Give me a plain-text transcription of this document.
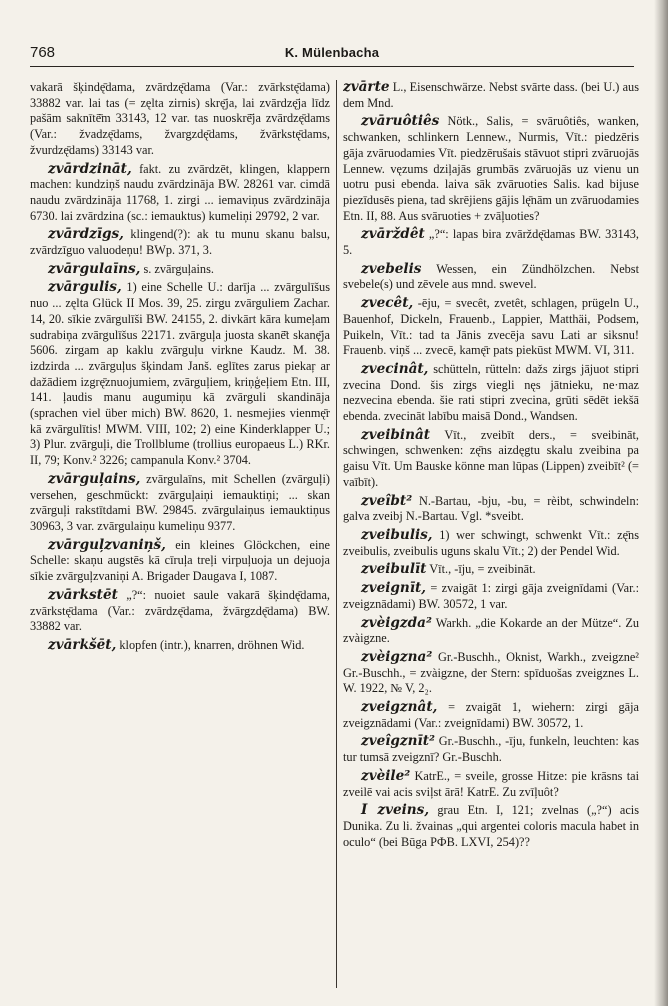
768	K. Mülenbacha

vakarā šķindę̄dama, zvārdzę̄dama (Var.: zvārkstę̄dama) 33882 var. lai tas (= zęlta zirnis) skrę̄ja, lai zvārdzę̄ja līdz pašām saknītē̄m 33143, 12 var. tas nuoskrē̄ja zvārdzę̄dams (Var.: žvadzę̄dams, žvargzdę̄dams, žvārkstę̄dams, žvurdzę̄dams) 33143 var.

zvārdzināt, fakt. zu zvārdzēt, klingen, klappern machen: kundziņš naudu zvārdzināja BW. 28261 var. cimdā naudu zvārdzināja 11768, 1. zirgi ... iemaviņus zvārdzināja 6730. lai zvārdzina (sc.: iemauktus) kumeliņi 29792, 2 var.

zvārdzīgs, klingend(?): ak tu munu skanu balsu, zvārdzīguo valuodeņu! BWp. 371, 3.

zvārgulaīns, s. zvārguļains.

zvārgulis, 1) eine Schelle U.: darīja ... zvārgulīšus nuo ... zęlta Glück II Mos. 39, 25. zirgu zvārguliem Zachar. 14, 20. sīkie zvārgulīši BW. 24155, 2. divkārt kāra kumeļam sudrabiņa zvārgulīšus 22171. zvārguļa juosta skanē̄t skanę̄ja 5606. zirgam ap kaklu zvārguļu virkne Kaudz. M. 38. izdzirda ... zvārguļus šķindam Janš. eglītes zarus piekaŗ ar dažādiem izgrę̄znuojumiem, zvārguļiem, kriņģeļiem Etn. III, 141. ļaudis manu augumiņu kā zvārguli skandināja (sprachen viel über mich) BW. 8620, 1. nesmejies vienmę̄r kā zvārgulītis! MWM. VIII, 102; 2) eine Kinderklapper U.; 3) Plur. zvārguļi, die Trollblume (trollius europaeus L.) RKr. II, 79; Konv.² 3226; campanula Konv.² 3704.

zvārguļains, zvārgulaīns, mit Schellen (zvārguļi) versehen, geschmückt: zvārguļaiņi iemauktiņi; ... skan zvārguļi rakstītdami BW. 29845. zvārgulaiņus iemauktiņus 30963, 3 var. zvārgulaiņu kumeliņu 9377.

zvārguļzvaniņš, ein kleines Glöckchen, eine Schelle: skaņu augstēs kā cīruļa treļi virpuļuoja un dejuoja sīkie zvārguļzvaniņi A. Brigader Daugava I, 1087.

zvārkstēt „?“: nuoiet saule vakarā šķindę̄dama, zvārkstę̄dama (Var.: zvārdzę̄dama, žvārgzdę̄dama) BW. 33882 var.

zvārkšēt, klopfen (intr.), knarren, dröhnen Wid.

zvārte L., Eisenschwärze. Nebst svārte dass. (bei U.) aus dem Mnd.

zvāruôtiês Nötk., Salis, = svāruôtiês, wanken, schwanken, schlinkern Lennew., Nurmis, Vīt.: piedzēris gāja zvāruodamies Vīt. piedzērušais stāvuot stipri zvāruojās Lennew. vęzums dziļajās grumbās zvāruojās uz vienu un uotru pusi ebenda. laiva sāk zvāruoties Salis. kad bijuse piezīdusēs piena, tad skrējiens gājis lę̄nām un zvāruodamies Etn. II, 88. Aus svāruoties + zvāļuoties?

zvārždêt „?“: lapas bira zvārždę̄damas BW. 33143, 5.

zvebelis Wessen, ein Zündhölzchen. Nebst svebele(s) und zēvele aus mnd. swevel.

zvecêt, -ēju, = svecêt, zvetêt, schlagen, prügeln U., Bauenhof, Dickeln, Frauenb., Lappier, Matthäi, Podsem, Puikeln, Vīt.: tad ta Jānis zvecēja savu Lati ar siksnu! Frauenb. viņš ... zvecē, kamę̄r pats piekūst MWM. VI, 311.

zvecinât, schütteln, rütteln: dažs zirgs jājuot stipri zvecina Dond. šis zirgs viegli nęs jātnieku, ne·maz nezvecina ebenda. šie rati stipri zvecina, grūti sēdēt iekšā ebenda. zvecināt labību maisā Dond., Wandsen.

zveibinât Vīt., zveibīt ders., = sveibināt, schwingen, schwenken: zę̄ns aizdęgtu skalu zveibina pa gaisu Vīt. Um Bauske könne man lūpas (Lippen) zveibīt² (= vaībīt).

zveîbt² N.-Bartau, -bju, -bu, = rèibt, schwindeln: galva zveibj N.-Bartau. Vgl. *sveibt.

zveibulis, 1) wer schwingt, schwenkt Vīt.: zę̄ns zveibulis, zveibulis uguns skalu Vīt.; 2) der Pendel Wid.

zveibulīt Vīt., -īju, = zveibināt.

zveignīt, = zvaigāt 1: zirgi gāja zveignīdami (Var.: zveigznādami) BW. 30572, 1 var.

zvèigzda² Warkh. „die Kokarde an der Mütze“. Zu zvàigzne.

zvèigzna² Gr.-Buschh., Oknist, Warkh., zveigzne² Gr.-Buschh., = zvàigzne, der Stern: spīduošas zveigznes L. W. 1922, № V, 2₂.

zveigznât, = zvaigāt 1, wiehern: zirgi gāja zveigznādami (Var.: zveignīdami) BW. 30572, 1.

zveîgznīt² Gr.-Buschh., -īju, funkeln, leuchten: kas tur tumsā zveigznī? Gr.-Buschh.

zvèile² KatrE., = sveile, grosse Hitze: pie krāsns tai zveilē vai acis sviļst ārā! KatrE. Zu zvīļuôt?

I zveins, grau Etn. I, 121; zvelnas („?“) acis Dunika. Zu li. žvainas „qui argentei coloris macula habet in oculo“ (bei Būga PФB. LXVI, 254)??
